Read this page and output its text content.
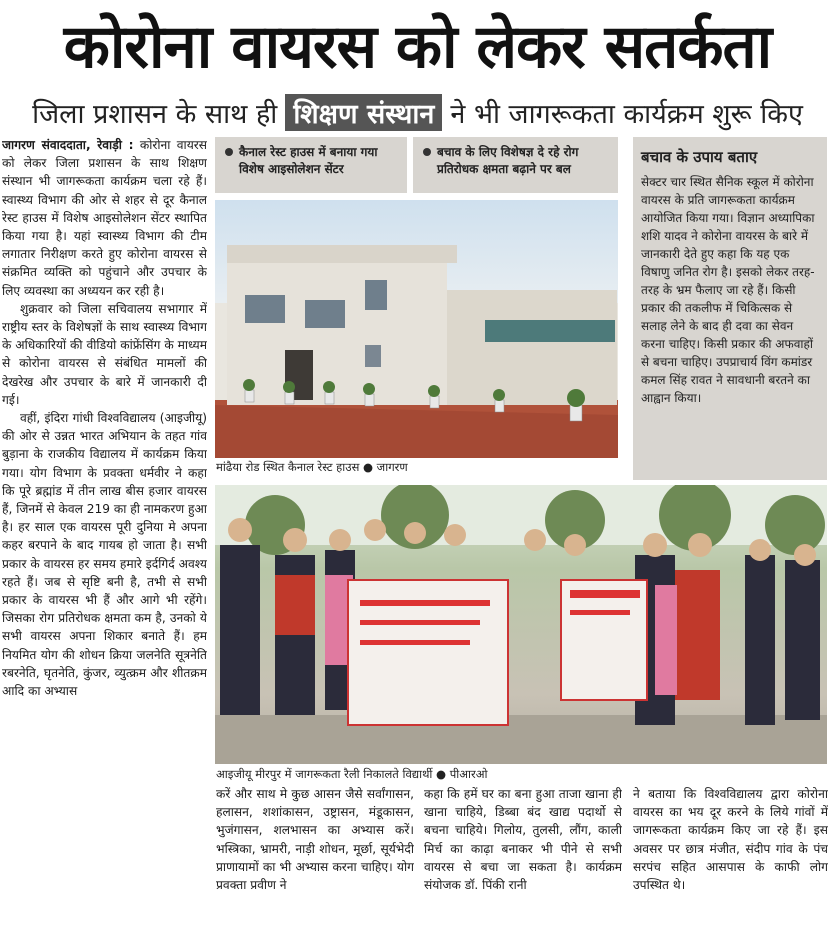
कोरोना वायरस को लेकर सतर्कता
जिला प्रशासन के साथ ही शिक्षण संस्थान ने भी जागरूकता कार्यक्रम शुरू किए

जागरण संवाददाता, रेवाड़ी : कोरोना वायरस को लेकर जिला प्रशासन के साथ शिक्षण संस्थान भी जागरूकता कार्यक्रम चला रहे हैं। स्वास्थ्य विभाग की ओर से शहर से दूर कैनाल रेस्ट हाउस में विशेष आइसोलेशन सेंटर स्थापित किया गया है। यहां स्वास्थ्य विभाग की टीम लगातार निरीक्षण करते हुए कोरोना वायरस से संक्रमित व्यक्ति को पहुंचाने और उपचार के लिए व्यवस्था का अध्ययन कर रही है।

शुक्रवार को जिला सचिवालय सभागार में राष्ट्रीय स्तर के विशेषज्ञों के साथ स्वास्थ्य विभाग के अधिकारियों की वीडियो कांफ्रेंसिंग के माध्यम से कोरोना वायरस से संबंधित मामलों की देखरेख और उपचार के बारे में जानकारी दी गई।

वहीं, इंदिरा गांधी विश्वविद्यालय (आइजीयू) की ओर से उन्नत भारत अभियान के तहत गांव बुड़ाना के राजकीय विद्यालय में कार्यक्रम किया गया। योग विभाग के प्रवक्ता धर्मवीर ने कहा कि पूरे ब्रह्मांड में तीन लाख बीस हजार वायरस हैं, जिनमें से केवल 219 का ही नामकरण हुआ है। हर साल एक वायरस पूरी दुनिया मे अपना कहर बरपाने के बाद गायब हो जाता है। सभी प्रकार के वायरस हर समय हमारे इर्दगिर्द अवश्य रहते हैं। जब से सृष्टि बनी है, तभी से सभी प्रकार के वायरस भी हैं और आगे भी रहेंगे। जिसका रोग प्रतिरोधक क्षमता कम है, उनको ये सभी वायरस अपना शिकार बनाते हैं। हम नियमित योग की शोधन क्रिया जलनेति सूत्रनेति रबरनेति, घृतनेति, कुंजर, व्युत्क्रम और शीतक्रम आदि का अभ्यास

कैनाल रेस्ट हाउस में बनाया गया विशेष आइसोलेशन सेंटर
बचाव के लिए विशेषज्ञ दे रहे रोग प्रतिरोधक क्षमता बढ़ाने पर बल
मांढैया रोड स्थित कैनाल रेस्ट हाउस ● जागरण
बचाव के उपाय बताए
सेक्टर चार स्थित सैनिक स्कूल में कोरोना वायरस के प्रति जागरूकता कार्यक्रम आयोजित किया गया। विज्ञान अध्यापिका शशि यादव ने कोरोना वायरस के बारे में जानकारी देते हुए कहा कि यह एक विषाणु जनित रोग है। इसको लेकर तरह-तरह के भ्रम फैलाए जा रहे हैं। किसी प्रकार की तकलीफ में चिकित्सक से सलाह लेने के बाद ही दवा का सेवन करना चाहिए। किसी प्रकार की अफवाहों से बचना चाहिए। उपप्राचार्य विंग कमांडर कमल सिंह रावत ने सावधानी बरतने का आह्वान किया।
आइजीयू मीरपुर में जागरूकता रैली निकालते विद्यार्थी ● पीआरओ
करें और साथ मे कुछ आसन जैसे सर्वांगासन, हलासन, शशांकासन, उष्ट्रासन, मंडूकासन, भुजंगासन, शलभासन का अभ्यास करें। भस्त्रिका, भ्रामरी, नाड़ी शोधन, मूर्छा, सूर्यभेदी प्राणायामों का भी अभ्यास करना चाहिए। योग प्रवक्ता प्रवीण ने
कहा कि हमें घर का बना हुआ ताजा खाना ही खाना चाहिये, डिब्बा बंद खाद्य पदार्थो से बचना चाहिये। गिलोय, तुलसी, लौंग, काली मिर्च का काढ़ा बनाकर भी पीने से सभी वायरस से बचा जा सकता है। कार्यक्रम संयोजक डॉ. पिंकी रानी
ने बताया कि विश्वविद्यालय द्वारा कोरोना वायरस का भय दूर करने के लिये गांवों में जागरूकता कार्यक्रम किए जा रहे हैं। इस अवसर पर छात्र मंजीत, संदीप गांव के पंच सरपंच सहित आसपास के काफी लोग उपस्थित थे।
